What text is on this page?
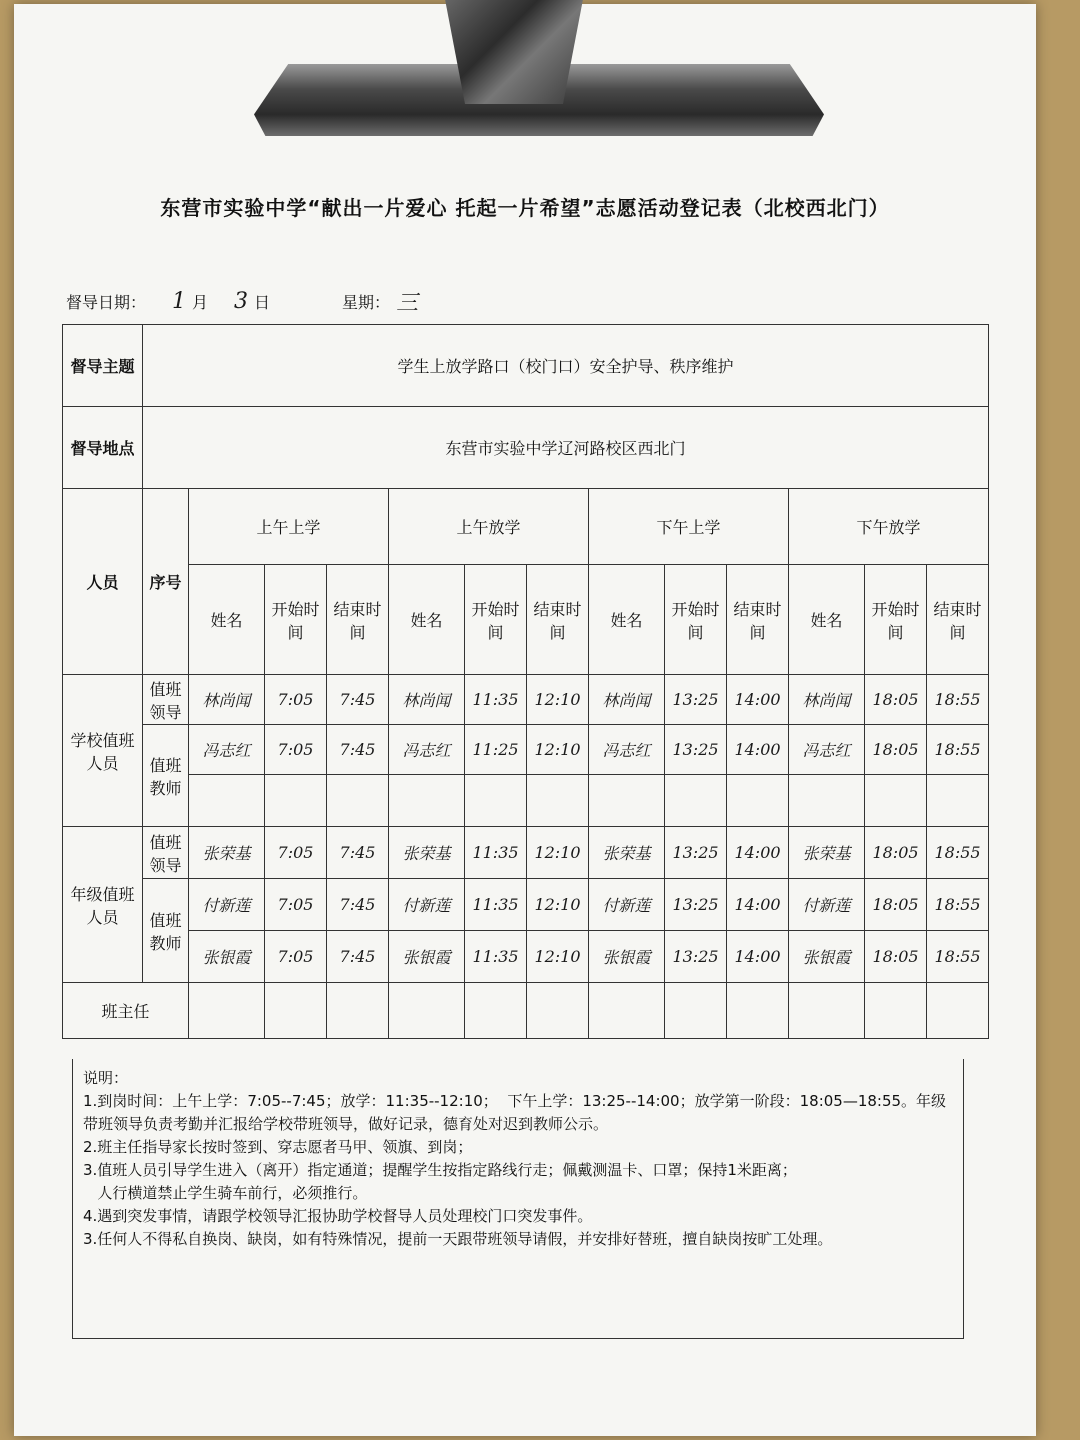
东营市实验中学“献出一片爱心 托起一片希望”志愿活动登记表（北校西北门）
督导日期： 1 月 3 日	星期： 三
督导主题	学生上放学路口（校门口）安全护导、秩序维护												
督导地点	东营市实验中学辽河路校区西北门												
人员	序号	上午上学			上午放学			下午上学			下午放学		
		姓名	开始时间	结束时间	姓名	开始时间	结束时间	姓名	开始时间	结束时间	姓名	开始时间	结束时间
学校值班人员	值班领导	林尚闻	7:05	7:45	林尚闻	11:35	12:10	林尚闻	13:25	14:00	林尚闻	18:05	18:55
	值班教师	冯志红	7:05	7:45	冯志红	11:25	12:10	冯志红	13:25	14:00	冯志红	18:05	18:55

年级值班人员	值班领导	张荣基	7:05	7:45	张荣基	11:35	12:10	张荣基	13:25	14:00	张荣基	18:05	18:55
	值班教师	付新莲	7:05	7:45	付新莲	11:35	12:10	付新莲	13:25	14:00	付新莲	18:05	18:55
		张银霞	7:05	7:45	张银霞	11:35	12:10	张银霞	13:25	14:00	张银霞	18:05	18:55
班主任													
说明：
1.到岗时间：上午上学：7:05--7:45；放学：11:35--12:10；  下午上学：13:25--14:00；放学第一阶段：18:05—18:55。年级带班领导负责考勤并汇报给学校带班领导，做好记录，德育处对迟到教师公示。
2.班主任指导家长按时签到、穿志愿者马甲、领旗、到岗；
3.值班人员引导学生进入（离开）指定通道；提醒学生按指定路线行走；佩戴测温卡、口罩；保持1米距离；
人行横道禁止学生骑车前行，必须推行。
4.遇到突发事情，请跟学校领导汇报协助学校督导人员处理校门口突发事件。
3.任何人不得私自换岗、缺岗，如有特殊情况，提前一天跟带班领导请假，并安排好替班，擅自缺岗按旷工处理。
